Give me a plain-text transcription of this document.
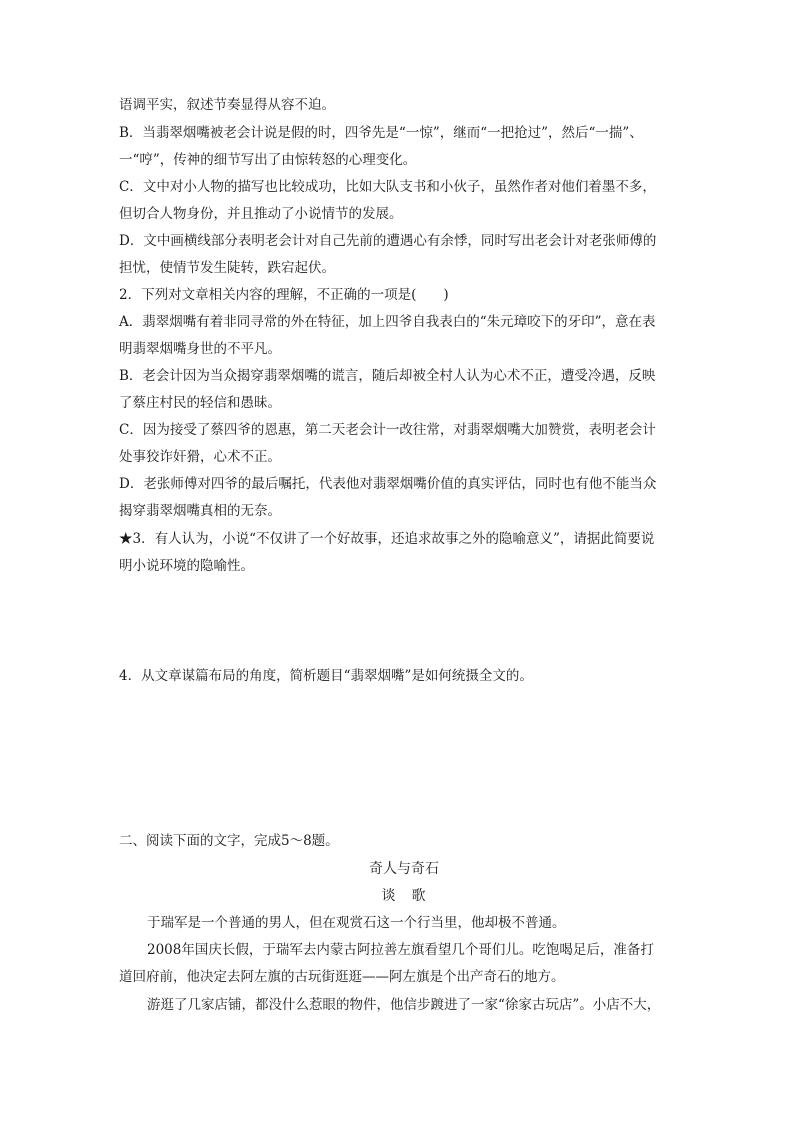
语调平实，叙述节奏显得从容不迫。
B．当翡翠烟嘴被老会计说是假的时，四爷先是“一惊”，继而“一把抢过”，然后“一揣”、
一“哼”，传神的细节写出了由惊转怒的心理变化。
C．文中对小人物的描写也比较成功，比如大队支书和小伙子，虽然作者对他们着墨不多，
但切合人物身份，并且推动了小说情节的发展。
D．文中画横线部分表明老会计对自己先前的遭遇心有余悸，同时写出老会计对老张师傅的
担忧，使情节发生陡转，跌宕起伏。
2．下列对文章相关内容的理解，不正确的一项是(　　)
A．翡翠烟嘴有着非同寻常的外在特征，加上四爷自我表白的“朱元璋咬下的牙印”，意在表
明翡翠烟嘴身世的不平凡。
B．老会计因为当众揭穿翡翠烟嘴的谎言，随后却被全村人认为心术不正，遭受冷遇，反映
了蔡庄村民的轻信和愚昧。
C．因为接受了蔡四爷的恩惠，第二天老会计一改往常，对翡翠烟嘴大加赞赏，表明老会计
处事狡诈奸猾，心术不正。
D．老张师傅对四爷的最后嘱托，代表他对翡翠烟嘴价值的真实评估，同时也有他不能当众
揭穿翡翠烟嘴真相的无奈。
★3．有人认为，小说“不仅讲了一个好故事，还追求故事之外的隐喻意义”，请据此简要说
明小说环境的隐喻性。
4．从文章谋篇布局的角度，简析题目“翡翠烟嘴”是如何统摄全文的。
二、阅读下面的文字，完成5～8题。
奇人与奇石
谈　歌
于瑞军是一个普通的男人，但在观赏石这一个行当里，他却极不普通。
2008年国庆长假，于瑞军去内蒙古阿拉善左旗看望几个哥们儿。吃饱喝足后，准备打
道回府前，他决定去阿左旗的古玩街逛逛——阿左旗是个出产奇石的地方。
游逛了几家店铺，都没什么惹眼的物件，他信步踱进了一家“徐家古玩店”。小店不大，
